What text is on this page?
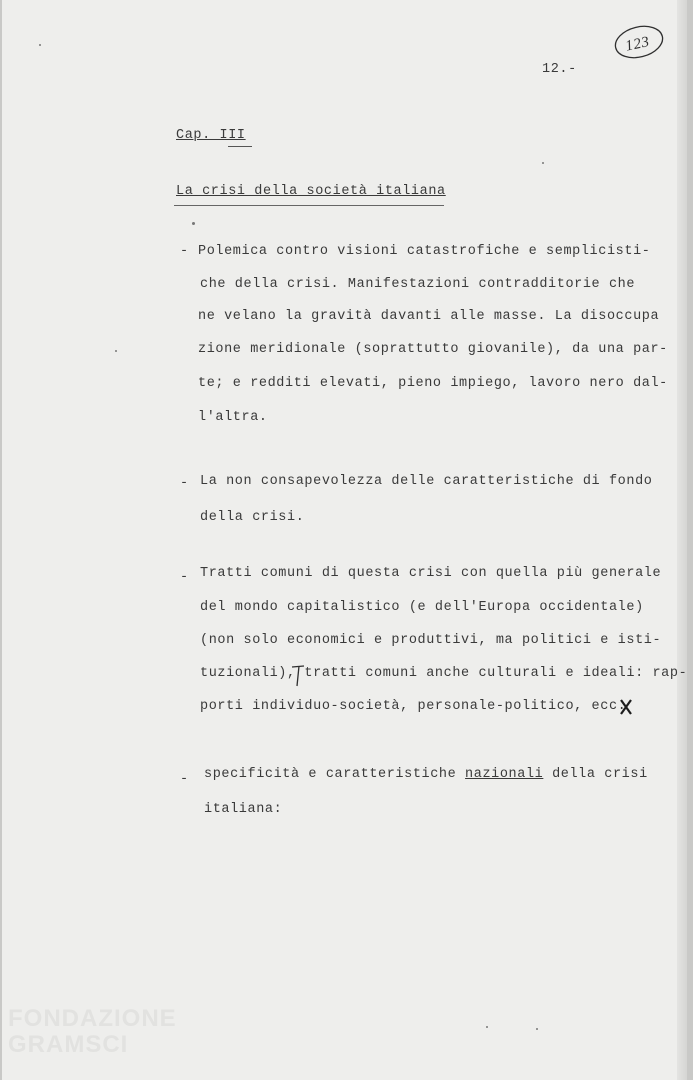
12.-
123
Cap. III
La crisi della società italiana
- Polemica contro visioni catastrofiche e semplicisti-
che della crisi. Manifestazioni contradditorie che
ne velano la gravità davanti alle masse. La disoccupa
zione meridionale (soprattutto giovanile), da una par-
te; e redditi elevati, pieno impiego, lavoro nero dal-
l'altra.
- La non consapevolezza delle caratteristiche di fondo
della crisi.
- Tratti comuni di questa crisi con quella più generale
del mondo capitalistico (e dell'Europa occidentale)
(non solo economici e produttivi, ma politici e isti-
tuzionali), tratti comuni anche culturali e ideali: rap-
porti individuo-società, personale-politico, ecc.
- specificità e caratteristiche nazionali della crisi
italiana:
FONDAZIONE
GRAMSCI
